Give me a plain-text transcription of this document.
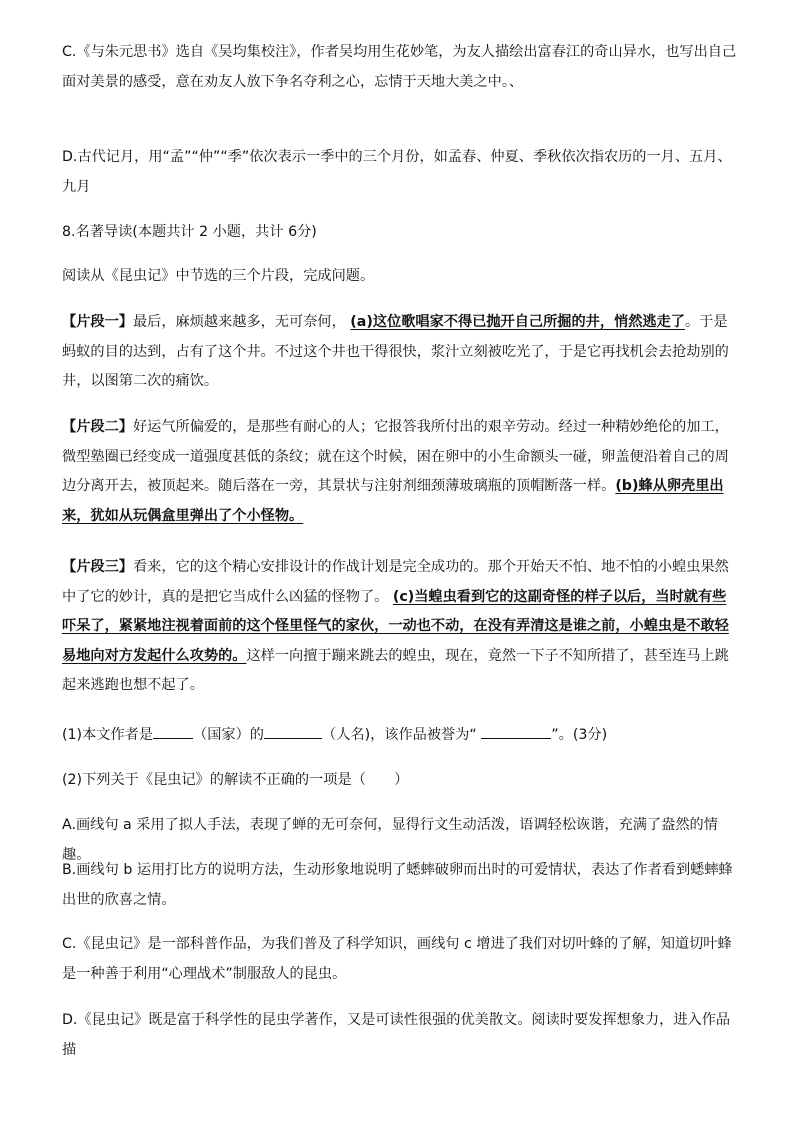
C.《与朱元思书》选自《吴均集校注》，作者吴均用生花妙笔，为友人描绘出富春江的奇山异水，也写出自己面对美景的感受，意在劝友人放下争名夺利之心，忘情于天地大美之中。、

D.古代记月，用“孟”“仲”“季”依次表示一季中的三个月份，如孟春、仲夏、季秋依次指农历的一月、五月、九月

8.名著导读(本题共计 2 小题，共计 6分)

阅读从《昆虫记》中节选的三个片段，完成问题。

【片段一】最后，麻烦越来越多，无可奈何， (a)这位歌唱家不得已抛开自己所掘的井，悄然逃走了。于是蚂蚁的目的达到，占有了这个井。不过这个井也干得很快，浆汁立刻被吃光了，于是它再找机会去抢劫别的井，以图第二次的痛饮。

【片段二】好运气所偏爱的，是那些有耐心的人；它报答我所付出的艰辛劳动。经过一种精妙绝伦的加工，微型塾圈已经变成一道强度甚低的条纹；就在这个时候，困在卵中的小生命额头一碰，卵盖便沿着自己的周边分离开去，被顶起来。随后落在一旁，其景状与注射剂细颈薄玻璃瓶的顶帽断落一样。(b)蜂从卵壳里出来，犹如从玩偶盒里弹出了个小怪物。

【片段三】看来，它的这个精心安排设计的作战计划是完全成功的。那个开始天不怕、地不怕的小蝗虫果然中了它的妙计，真的是把它当成什么凶猛的怪物了。 (c)当蝗虫看到它的这副奇怪的样子以后，当时就有些吓呆了，紧紧地注视着面前的这个怪里怪气的家伙，一动也不动，在没有弄清这是谁之前，小蝗虫是不敢轻易地向对方发起什么攻势的。这样一向擅于蹦来跳去的蝗虫，现在，竟然一下子不知所措了，甚至连马上跳起来逃跑也想不起了。

(1)本文作者是	（国家）的	（人名)，该作品被誉为“	”。(3分)

(2)下列关于《昆虫记》的解读不正确的一项是（　　）

A.画线句 a 采用了拟人手法，表现了蝉的无可奈何，显得行文生动活泼，语调轻松诙谐，充满了盎然的情趣。

B.画线句 b 运用打比方的说明方法，生动形象地说明了蟋蟀破卵而出时的可爱情状，表达了作者看到蟋蟀蜂出世的欣喜之情。

C.《昆虫记》是一部科普作品，为我们普及了科学知识，画线句 c 增进了我们对切叶蜂的了解，知道切叶蜂是一种善于利用“心理战术”制服敌人的昆虫。

D.《昆虫记》既是富于科学性的昆虫学著作，又是可读性很强的优美散文。阅读时要发挥想象力，进入作品描
